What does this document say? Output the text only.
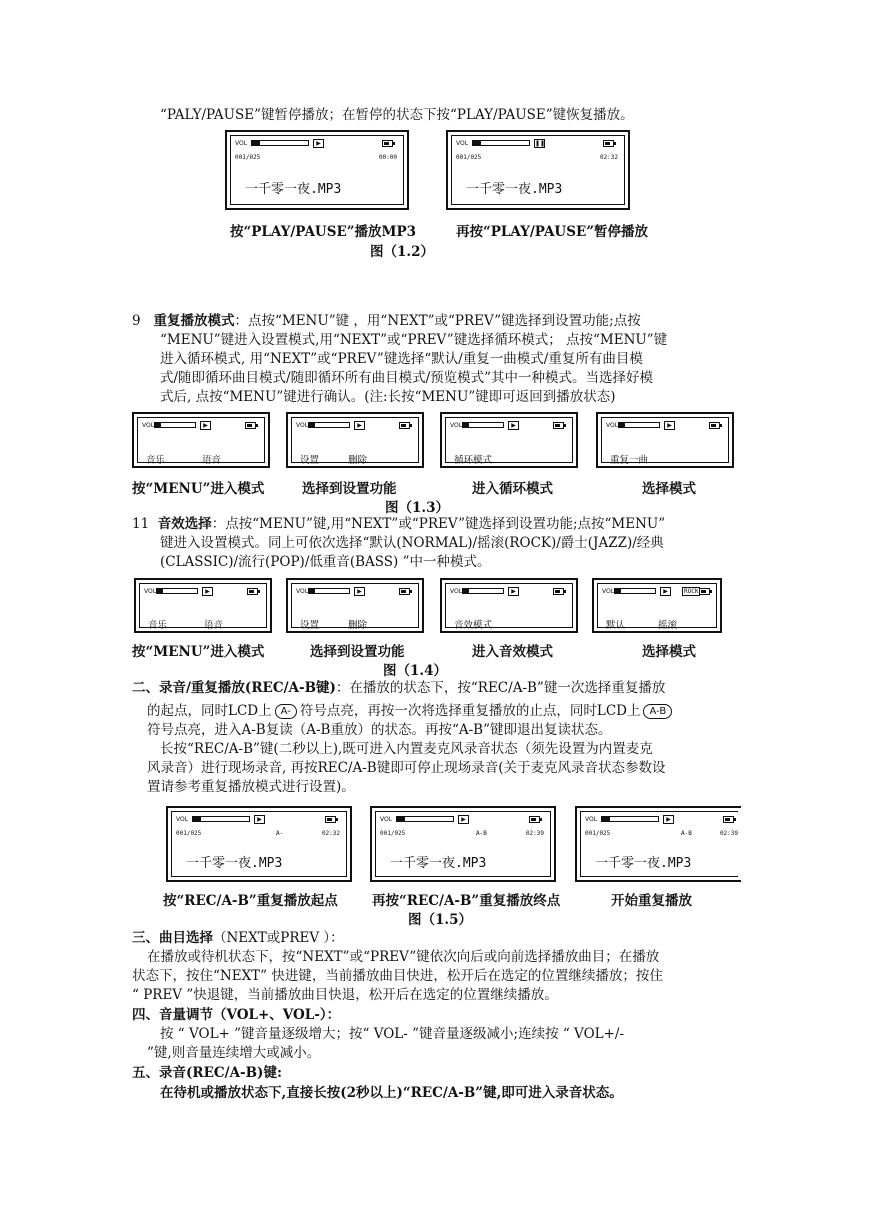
“PALY/PAUSE”键暂停播放；在暂停的状态下按“PLAY/PAUSE”键恢复播放。
VOL	▶
001/025	00:00
一千零一夜.MP3
VOL	❚❚
001/025	02:32
一千零一夜.MP3
按“PLAY/PAUSE”播放MP3	再按“PLAY/PAUSE”暂停播放
图（1.2）
9 重复播放模式：点按“MENU”键 ，用“NEXT”或“PREV”键选择到设置功能;点按
“MENU”键进入设置模式,用“NEXT”或“PREV”键选择循环模式； 点按“MENU”键
进入循环模式, 用“NEXT”或“PREV”键选择“默认/重复一曲模式/重复所有曲目模
式/随即循环曲目模式/随即循环所有曲目模式/预览模式”其中一种模式。当选择好模
式后, 点按“MENU”键进行确认。(注:长按“MENU”键即可返回到播放状态)
VOL	▶
音乐	语音
VOL	▶
设置	删除
VOL	▶
循环模式
VOL	▶
重复一曲
按“MENU”进入模式	选择到设置功能	进入循环模式	选择模式
图（1.3）
11 音效选择：点按“MENU”键,用“NEXT”或“PREV”键选择到设置功能;点按“MENU”
键进入设置模式。同上可依次选择“默认(NORMAL)/摇滚(ROCK)/爵士(JAZZ)/经典
(CLASSIC)/流行(POP)/低重音(BASS) ”中一种模式。
VOL	▶
音乐	语音
VOL	▶
设置	删除
VOL	▶
音效模式
VOL	▶	ROCK
默认	摇滚
按“MENU”进入模式	选择到设置功能	进入音效模式	选择模式
图（1.4）
二、录音/重复播放(REC/A-B键)：在播放的状态下，按“REC/A-B”键一次选择重复播放
的起点，同时LCD上 A- 符号点亮，再按一次将选择重复播放的止点，同时LCD上 A-B
符号点亮，进入A-B复读（A-B重放）的状态。再按“A-B”键即退出复读状态。
长按“REC/A-B”键(二秒以上),既可进入内置麦克风录音状态（须先设置为内置麦克
风录音）进行现场录音, 再按REC/A-B键即可停止现场录音(关于麦克风录音状态参数设
置请参考重复播放模式进行设置)。
VOL	▶
001/025	A-	02:32
一千零一夜.MP3
VOL	▶
001/025	A-B	02:39
一千零一夜.MP3
VOL	▶
001/025	A-B	02:39
一千零一夜.MP3
按“REC/A-B”重复播放起点	再按“REC/A-B”重复播放终点	开始重复播放
图（1.5）
三、曲目选择（NEXT或PREV ）：
在播放或待机状态下，按“NEXT”或“PREV”键依次向后或向前选择播放曲目；在播放
状态下，按住“NEXT” 快进键，当前播放曲目快进，松开后在选定的位置继续播放；按住
“ PREV ”快退键，当前播放曲目快退，松开后在选定的位置继续播放。
四、音量调节（VOL+、VOL-）：
按 “ VOL+ ”键音量逐级增大；按“ VOL- ”键音量逐级减小;连续按 “ VOL+/-
”键,则音量连续增大或减小。
五、录音(REC/A-B)键:
在待机或播放状态下,直接长按(2秒以上)“REC/A-B”键,即可进入录音状态。
